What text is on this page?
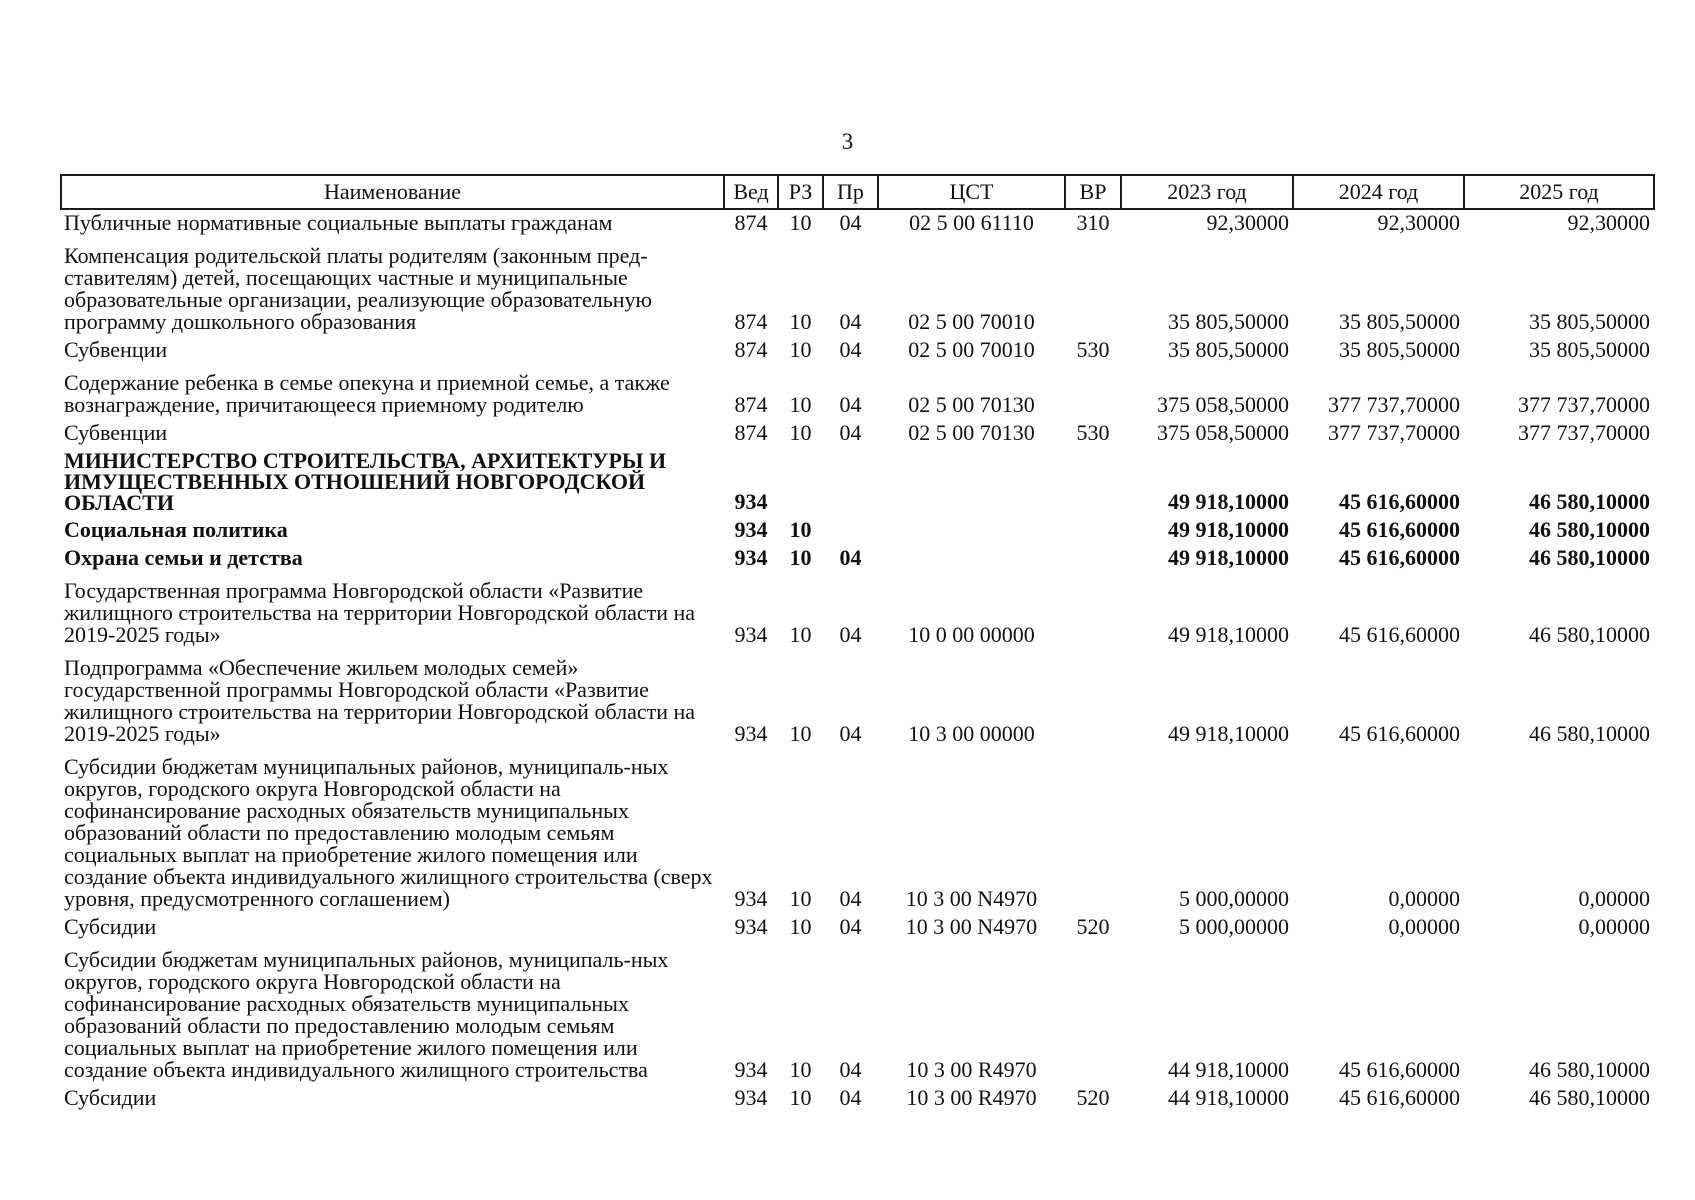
3
Наименование	Вед	РЗ	Пр	ЦСТ	ВР	2023 год	2024 год	2025 год
Публичные нормативные социальные выплаты гражданам	874	10	04	02 5 00 61110	310	92,30000	92,30000	92,30000
Компенсация родительской платы родителям (законным пред-ставителям) детей, посещающих частные и муниципальные образовательные организации, реализующие образовательную программу дошкольного образования	874	10	04	02 5 00 70010		35 805,50000	35 805,50000	35 805,50000
Субвенции	874	10	04	02 5 00 70010	530	35 805,50000	35 805,50000	35 805,50000
Содержание ребенка в семье опекуна и приемной семье, а также вознаграждение, причитающееся приемному родителю	874	10	04	02 5 00 70130		375 058,50000	377 737,70000	377 737,70000
Субвенции	874	10	04	02 5 00 70130	530	375 058,50000	377 737,70000	377 737,70000
МИНИСТЕРСТВО СТРОИТЕЛЬСТВА, АРХИТЕКТУРЫ И ИМУЩЕСТВЕННЫХ ОТНОШЕНИЙ НОВГОРОДСКОЙ ОБЛАСТИ	934					49 918,10000	45 616,60000	46 580,10000
Социальная политика	934	10				49 918,10000	45 616,60000	46 580,10000
Охрана семьи и детства	934	10	04			49 918,10000	45 616,60000	46 580,10000
Государственная программа Новгородской области «Развитие жилищного строительства на территории Новгородской области на 2019-2025 годы»	934	10	04	10 0 00 00000		49 918,10000	45 616,60000	46 580,10000
Подпрограмма «Обеспечение жильем молодых семей» государственной программы Новгородской области «Развитие жилищного строительства на территории Новгородской области на 2019-2025 годы»	934	10	04	10 3 00 00000		49 918,10000	45 616,60000	46 580,10000
Субсидии бюджетам муниципальных районов, муниципаль-ных округов, городского округа Новгородской области на софинансирование расходных обязательств муниципальных образований области по предоставлению молодым семьям социальных выплат на приобретение жилого помещения или создание объекта индивидуального жилищного строительства (сверх уровня, предусмотренного соглашением)	934	10	04	10 3 00 N4970		5 000,00000	0,00000	0,00000
Субсидии	934	10	04	10 3 00 N4970	520	5 000,00000	0,00000	0,00000
Субсидии бюджетам муниципальных районов, муниципаль-ных округов, городского округа Новгородской области на софинансирование расходных обязательств муниципальных образований области по предоставлению молодым семьям социальных выплат на приобретение жилого помещения или создание объекта индивидуального жилищного строительства	934	10	04	10 3 00 R4970		44 918,10000	45 616,60000	46 580,10000
Субсидии	934	10	04	10 3 00 R4970	520	44 918,10000	45 616,60000	46 580,10000
